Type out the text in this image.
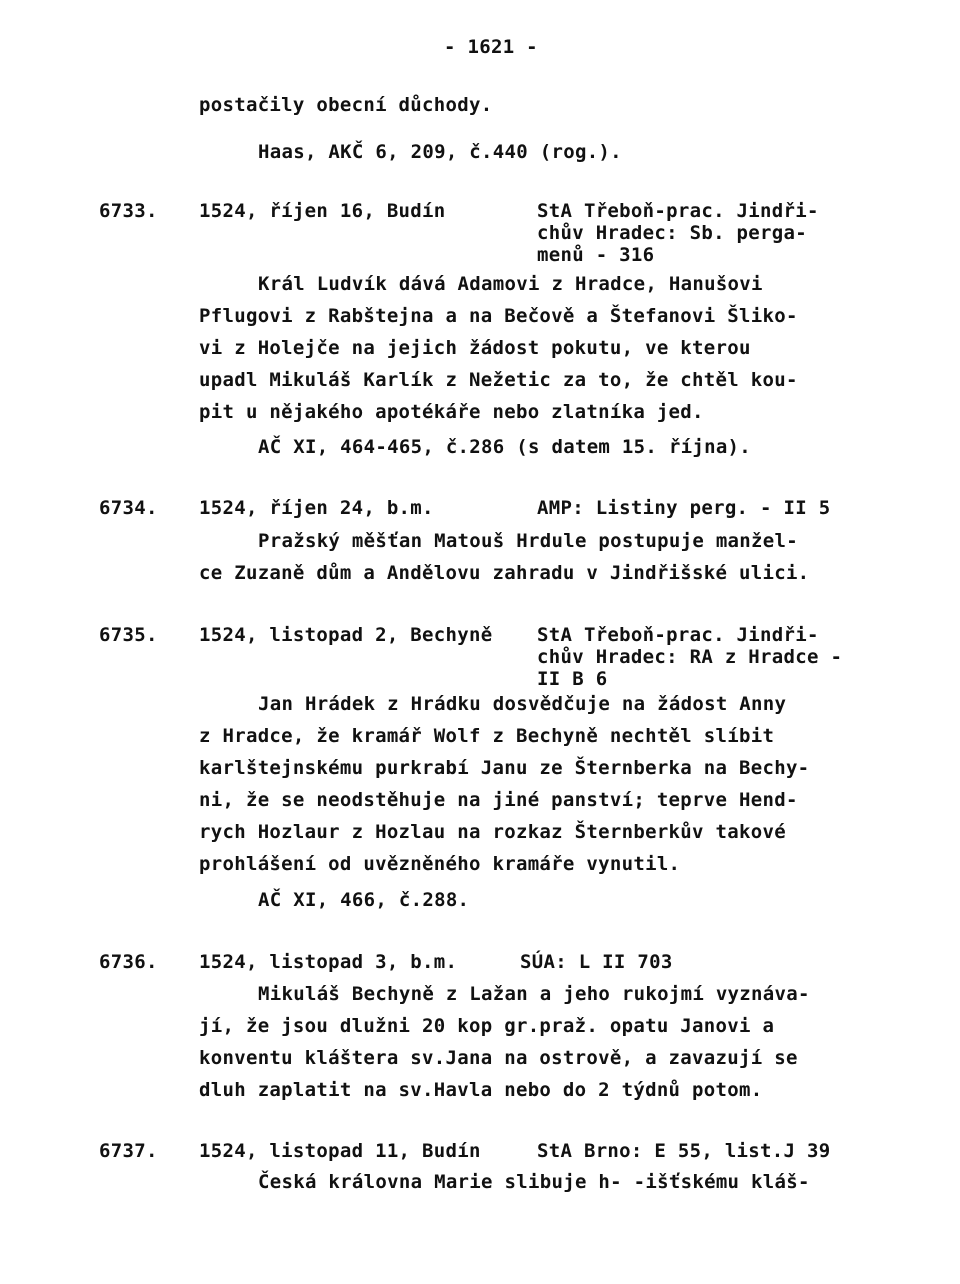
- 1621 -
postačily obecní důchody.
Haas, AKČ 6, 209, č.440 (rog.).
6733. 1524, říjen 16, Budín	StA Třeboň-prac. Jindři-
chův Hradec: Sb. perga-
menů - 316
Král Ludvík dává Adamovi z Hradce, Hanušovi
Pflugovi z Rabštejna a na Bečově a Štefanovi Šliko-
vi z Holejče na jejich žádost pokutu, ve kterou
upadl Mikuláš Karlík z Nežetic za to, že chtěl kou-
pit u nějakého apotékáře nebo zlatníka jed.
AČ XI, 464-465, č.286 (s datem 15. října).
6734. 1524, říjen 24, b.m.	AMP: Listiny perg. - II 5
Pražský měšťan Matouš Hrdule postupuje manžel-
ce Zuzaně dům a Andělovu zahradu v Jindřišské ulici.
6735. 1524, listopad 2, Bechyně StA Třeboň-prac. Jindři-
chův Hradec: RA z Hradce -
II B 6
Jan Hrádek z Hrádku dosvědčuje na žádost Anny
z Hradce, že kramář Wolf z Bechyně nechtěl slíbit
karlštejnskému purkrabí Janu ze Šternberka na Bechy-
ni, že se neodstěhuje na jiné panství; teprve Hend-
rych Hozlaur z Hozlau na rozkaz Šternberkův takové
prohlášení od uvězněného kramáře vynutil.
AČ XI, 466, č.288.
6736. 1524, listopad 3, b.m.	SÚA: L II 703
Mikuláš Bechyně z Lažan a jeho rukojmí vyznáva-
jí, že jsou dlužni 20 kop gr.praž. opatu Janovi a
konventu kláštera sv.Jana na ostrově, a zavazují se
dluh zaplatit na sv.Havla nebo do 2 týdnů potom.
6737. 1524, listopad 11, Budín	StA Brno: E 55, list.J 39
Česká královna Marie slibuje h- -išťskému kláš-
